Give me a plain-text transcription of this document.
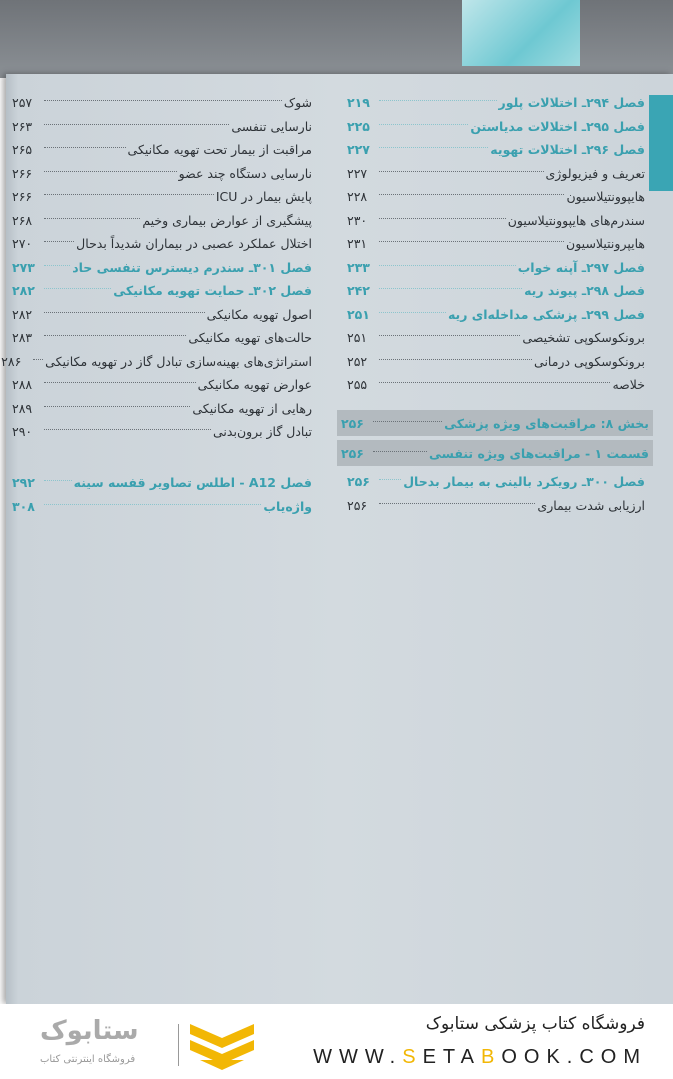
فصل ۲۹۴ـ اختلالات پلور
۲۱۹
فصل ۲۹۵ـ اختلالات مدیاستن
۲۲۵
فصل ۲۹۶ـ اختلالات تهویه
۲۲۷
تعریف و فیزیولوژی
۲۲۷
هایپوونتیلاسیون
۲۲۸
سندرم‌های هایپوونتیلاسیون
۲۳۰
هایپرونتیلاسیون
۲۳۱
فصل ۲۹۷ـ آپنه خواب
۲۳۳
فصل ۲۹۸ـ پیوند ریه
۲۴۲
فصل ۲۹۹ـ پزشکی مداخله‌ای ریه
۲۵۱
برونکوسکوپی تشخیصی
۲۵۱
برونکوسکوپی درمانی
۲۵۲
خلاصه
۲۵۵
بخش ۸: مراقبت‌های ویژه پزشکی
۲۵۶
قسمت ۱ - مراقبت‌های ویژه تنفسی
۲۵۶
فصل ۳۰۰ـ رویکرد بالینی به بیمار بدحال
۲۵۶
ارزیابی شدت بیماری
۲۵۶
شوک
۲۵۷
نارسایی تنفسی
۲۶۳
مراقبت از بیمار تحت تهویه مکانیکی
۲۶۵
نارسایی دستگاه چند عضو
۲۶۶
پایش بیمار در ICU
۲۶۶
پیشگیری از عوارض بیماری وخیم
۲۶۸
اختلال عملکرد عصبی در بیماران شدیداً بدحال
۲۷۰
فصل ۳۰۱ـ سندرم دیسترس تنفسی حاد
۲۷۳
فصل ۳۰۲ـ حمایت تهویه مکانیکی
۲۸۲
اصول تهویه مکانیکی
۲۸۲
حالت‌های تهویه مکانیکی
۲۸۳
استراتژی‌های بهینه‌سازی تبادل گاز در تهویه مکانیکی
۲۸۶
عوارض تهویه مکانیکی
۲۸۸
رهایی از تهویه مکانیکی
۲۸۹
تبادل گاز برون‌بدنی
۲۹۰
فصل A12 - اطلس تصاویر قفسه سینه
۲۹۲
واژه‌یاب
۳۰۸
فروشگاه کتاب پزشکی ستابوک
WWW.SETABOOK.COM
ستابوک
فروشگاه اینترنتی کتاب
